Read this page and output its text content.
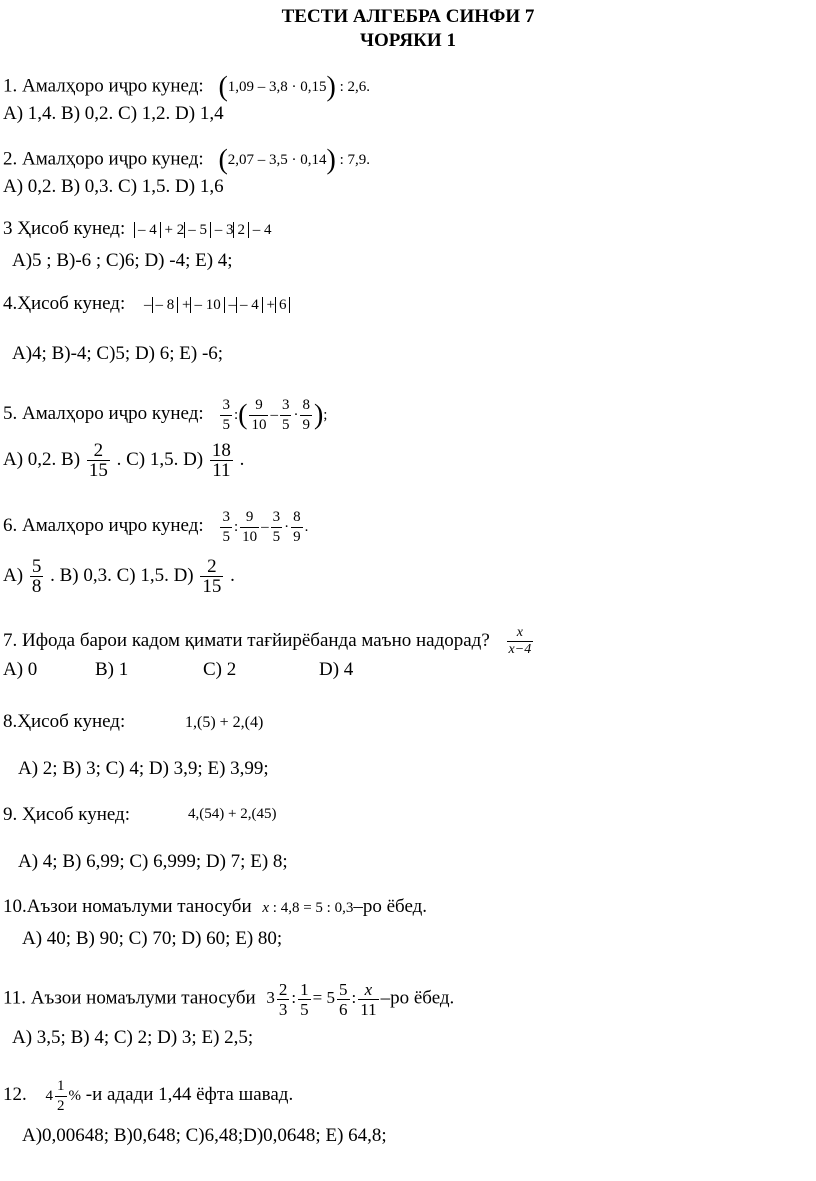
ТЕСТИ АЛГЕБРА СИНФИ 7
ЧОРЯКИ 1
1. Амалҳоро иҷро кунед: (1,09 – 3,8 · 0,15) : 2,6.
A) 1,4. B) 0,2. C) 1,2. D) 1,4
2. Амалҳоро иҷро кунед: (2,07 – 3,5 · 0,14) : 7,9.
A) 0,2. B) 0,3. C) 1,5. D) 1,6
3 Ҳисоб кунед: – 4 + 2 – 5 – 3 2 – 4
A)5 ; B)-6 ; C)6; D) -4; E) 4;
4.Ҳисоб кунед: – – 8 + – 10 – – 4 + 6
A)4; B)-4; C)5; D) 6; E) -6;
5. Амалҳоро иҷро кунед: $\frac{3}{5}$ :( $\frac{9}{10} - \frac{3}{5} \cdot \frac{8}{9}$ );
A) 0,2. $B) \frac{2}{15}$ . C) 1,5. $D) \frac{18}{11}$ .
6. Амалҳоро иҷро кунед: $\frac{3}{5}$ : $\frac{9}{10} - \frac{3}{5} \cdot \frac{8}{9}$ .
$A) \frac{5}{8}$ . B) 0,3. C) 1,5. $D) \frac{2}{15}$ .
7. Ифода барои кадом қимати тағйирёбанда маъно надорад? $\frac{x}{x-4}$
A) 0	B) 1	C) 2	D) 4
8.Ҳисоб кунед:	1,(5) + 2,(4)
A) 2; B) 3; C) 4; D) 3,9; E) 3,99;
9. Ҳисоб кунед:	4,(54) + 2,(45)
A) 4; B) 6,99; C) 6,999; D) 7; E) 8;
10.Аъзои номаълуми таносуби x : 4,8 = 5 : 0,3–ро ёбед.
A) 40; B) 90; C) 70; D) 60; E) 80;
11. Аъзои номаълуми таносуби $3 \frac{2}{3}$ : $\frac{1}{5} = 5 \frac{5}{6}$ : $\frac{x}{11} -ро$ ёбед.
A) 3,5; B) 4; C) 2; D) 3; E) 2,5;
12. $4 \frac{1}{2}$ % -и адади 1,44 ёфта шавад.
A)0,00648; B)0,648; C)6,48;D)0,0648; E) 64,8;
